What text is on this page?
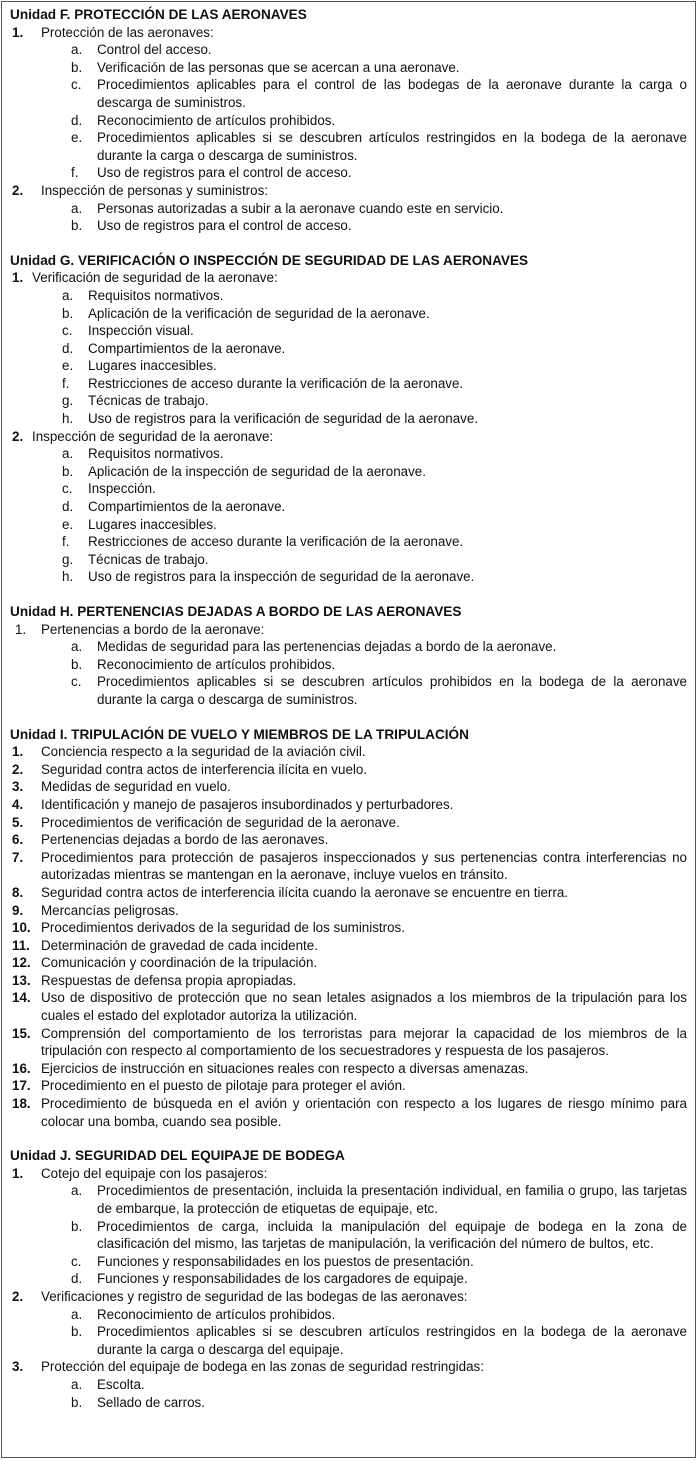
Unidad F. PROTECCIÓN DE LAS AERONAVES
1. Protección de las aeronaves:
a. Control del acceso.
b. Verificación de las personas que se acercan a una aeronave.
c. Procedimientos aplicables para el control de las bodegas de la aeronave durante la carga o descarga de suministros.
d. Reconocimiento de artículos prohibidos.
e. Procedimientos aplicables si se descubren artículos restringidos en la bodega de la aeronave durante la carga o descarga de suministros.
f. Uso de registros para el control de acceso.
2. Inspección de personas y suministros:
a. Personas autorizadas a subir a la aeronave cuando este en servicio.
b. Uso de registros para el control de acceso.
Unidad G. VERIFICACIÓN O INSPECCIÓN DE SEGURIDAD DE LAS AERONAVES
1. Verificación de seguridad de la aeronave:
a. Requisitos normativos.
b. Aplicación de la verificación de seguridad de la aeronave.
c. Inspección visual.
d. Compartimientos de la aeronave.
e. Lugares inaccesibles.
f. Restricciones de acceso durante la verificación de la aeronave.
g. Técnicas de trabajo.
h. Uso de registros para la verificación de seguridad de la aeronave.
2. Inspección de seguridad de la aeronave:
a. Requisitos normativos.
b. Aplicación de la inspección de seguridad de la aeronave.
c. Inspección.
d. Compartimientos de la aeronave.
e. Lugares inaccesibles.
f. Restricciones de acceso durante la verificación de la aeronave.
g. Técnicas de trabajo.
h. Uso de registros para la inspección de seguridad de la aeronave.
Unidad H. PERTENENCIAS DEJADAS A BORDO DE LAS AERONAVES
1. Pertenencias a bordo de la aeronave:
a. Medidas de seguridad para las pertenencias dejadas a bordo de la aeronave.
b. Reconocimiento de artículos prohibidos.
c. Procedimientos aplicables si se descubren artículos prohibidos en la bodega de la aeronave durante la carga o descarga de suministros.
Unidad I. TRIPULACIÓN DE VUELO Y MIEMBROS DE LA TRIPULACIÓN
1. Conciencia respecto a la seguridad de la aviación civil.
2. Seguridad contra actos de interferencia ilícita en vuelo.
3. Medidas de seguridad en vuelo.
4. Identificación y manejo de pasajeros insubordinados y perturbadores.
5. Procedimientos de verificación de seguridad de la aeronave.
6. Pertenencias dejadas a bordo de las aeronaves.
7. Procedimientos para protección de pasajeros inspeccionados y sus pertenencias contra interferencias no autorizadas mientras se mantengan en la aeronave, incluye vuelos en tránsito.
8. Seguridad contra actos de interferencia ilícita cuando la aeronave se encuentre en tierra.
9. Mercancías peligrosas.
10. Procedimientos derivados de la seguridad de los suministros.
11. Determinación de gravedad de cada incidente.
12. Comunicación y coordinación de la tripulación.
13. Respuestas de defensa propia apropiadas.
14. Uso de dispositivo de protección que no sean letales asignados a los miembros de la tripulación para los cuales el estado del explotador autoriza la utilización.
15. Comprensión del comportamiento de los terroristas para mejorar la capacidad de los miembros de la tripulación con respecto al comportamiento de los secuestradores y respuesta de los pasajeros.
16. Ejercicios de instrucción en situaciones reales con respecto a diversas amenazas.
17. Procedimiento en el puesto de pilotaje para proteger el avión.
18. Procedimiento de búsqueda en el avión y orientación con respecto a los lugares de riesgo mínimo para colocar una bomba, cuando sea posible.
Unidad J. SEGURIDAD DEL EQUIPAJE DE BODEGA
1. Cotejo del equipaje con los pasajeros:
a. Procedimientos de presentación, incluida la presentación individual, en familia o grupo, las tarjetas de embarque, la protección de etiquetas de equipaje, etc.
b. Procedimientos de carga, incluida la manipulación del equipaje de bodega en la zona de clasificación del mismo, las tarjetas de manipulación, la verificación del número de bultos, etc.
c. Funciones y responsabilidades en los puestos de presentación.
d. Funciones y responsabilidades de los cargadores de equipaje.
2. Verificaciones y registro de seguridad de las bodegas de las aeronaves:
a. Reconocimiento de artículos prohibidos.
b. Procedimientos aplicables si se descubren artículos restringidos en la bodega de la aeronave durante la carga o descarga del equipaje.
3. Protección del equipaje de bodega en las zonas de seguridad restringidas:
a. Escolta.
b. Sellado de carros.
